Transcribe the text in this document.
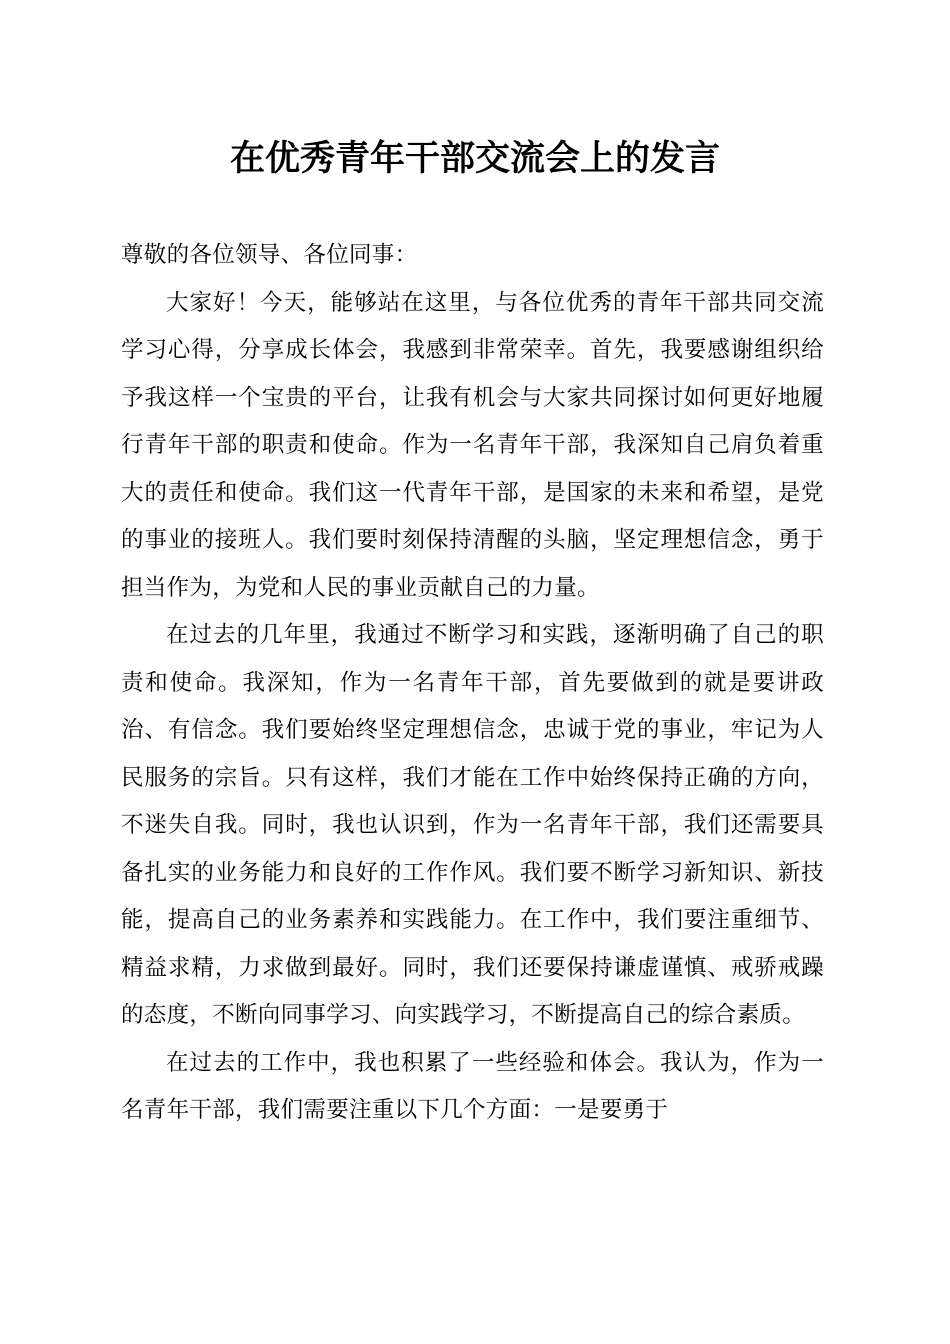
在优秀青年干部交流会上的发言

尊敬的各位领导、各位同事：

大家好！今天，能够站在这里，与各位优秀的青年干部共同交流学习心得，分享成长体会，我感到非常荣幸。首先，我要感谢组织给予我这样一个宝贵的平台，让我有机会与大家共同探讨如何更好地履行青年干部的职责和使命。作为一名青年干部，我深知自己肩负着重大的责任和使命。我们这一代青年干部，是国家的未来和希望，是党的事业的接班人。我们要时刻保持清醒的头脑，坚定理想信念，勇于担当作为，为党和人民的事业贡献自己的力量。

在过去的几年里，我通过不断学习和实践，逐渐明确了自己的职责和使命。我深知，作为一名青年干部，首先要做到的就是要讲政治、有信念。我们要始终坚定理想信念，忠诚于党的事业，牢记为人民服务的宗旨。只有这样，我们才能在工作中始终保持正确的方向，不迷失自我。同时，我也认识到，作为一名青年干部，我们还需要具备扎实的业务能力和良好的工作作风。我们要不断学习新知识、新技能，提高自己的业务素养和实践能力。在工作中，我们要注重细节、精益求精，力求做到最好。同时，我们还要保持谦虚谨慎、戒骄戒躁的态度，不断向同事学习、向实践学习，不断提高自己的综合素质。

在过去的工作中，我也积累了一些经验和体会。我认为，作为一名青年干部，我们需要注重以下几个方面：一是要勇于
